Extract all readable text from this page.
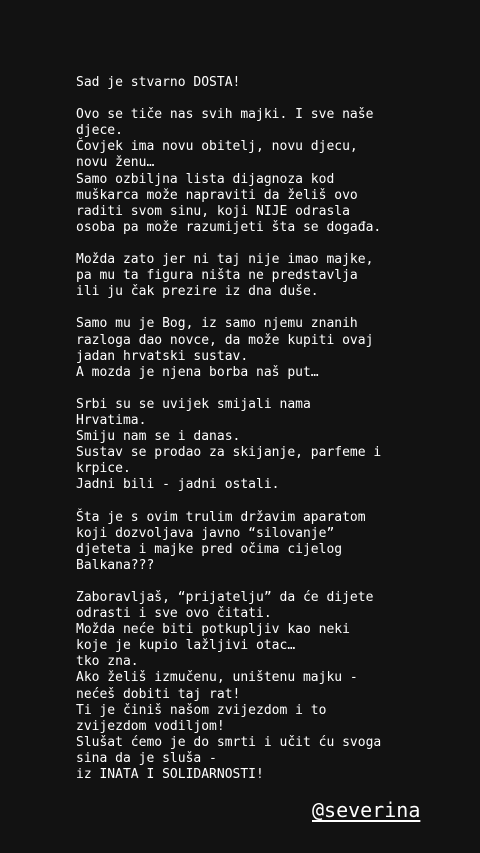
Sad je stvarno DOSTA!
Ovo se tiče nas svih majki. I sve naše
djece.
Čovjek ima novu obitelj, novu djecu,
novu ženu…
Samo ozbiljna lista dijagnoza kod
muškarca može napraviti da želiš ovo
raditi svom sinu, koji NIJE odrasla
osoba pa može razumijeti šta se događa.
Možda zato jer ni taj nije imao majke,
pa mu ta figura ništa ne predstavlja
ili ju čak prezire iz dna duše.
Samo mu je Bog, iz samo njemu znanih
razloga dao novce, da može kupiti ovaj
jadan hrvatski sustav.
A mozda je njena borba naš put…
Srbi su se uvijek smijali nama
Hrvatima.
Smiju nam se i danas.
Sustav se prodao za skijanje, parfeme i
krpice.
Jadni bili - jadni ostali.
Šta je s ovim trulim državim aparatom
koji dozvoljava javno “silovanje”
djeteta i majke pred očima cijelog
Balkana???
Zaboravljaš, “prijatelju” da će dijete
odrasti i sve ovo čitati.
Možda neće biti potkupljiv kao neki
koje je kupio lažljivi otac…
tko zna.
Ako želiš izmučenu, uništenu majku -
nećeš dobiti taj rat!
Ti je činiš našom zvijezdom i to
zvijezdom vodiljom!
Slušat ćemo je do smrti i učit ću svoga
sina da je sluša -
iz INATA I SOLIDARNOSTI!
@severina
